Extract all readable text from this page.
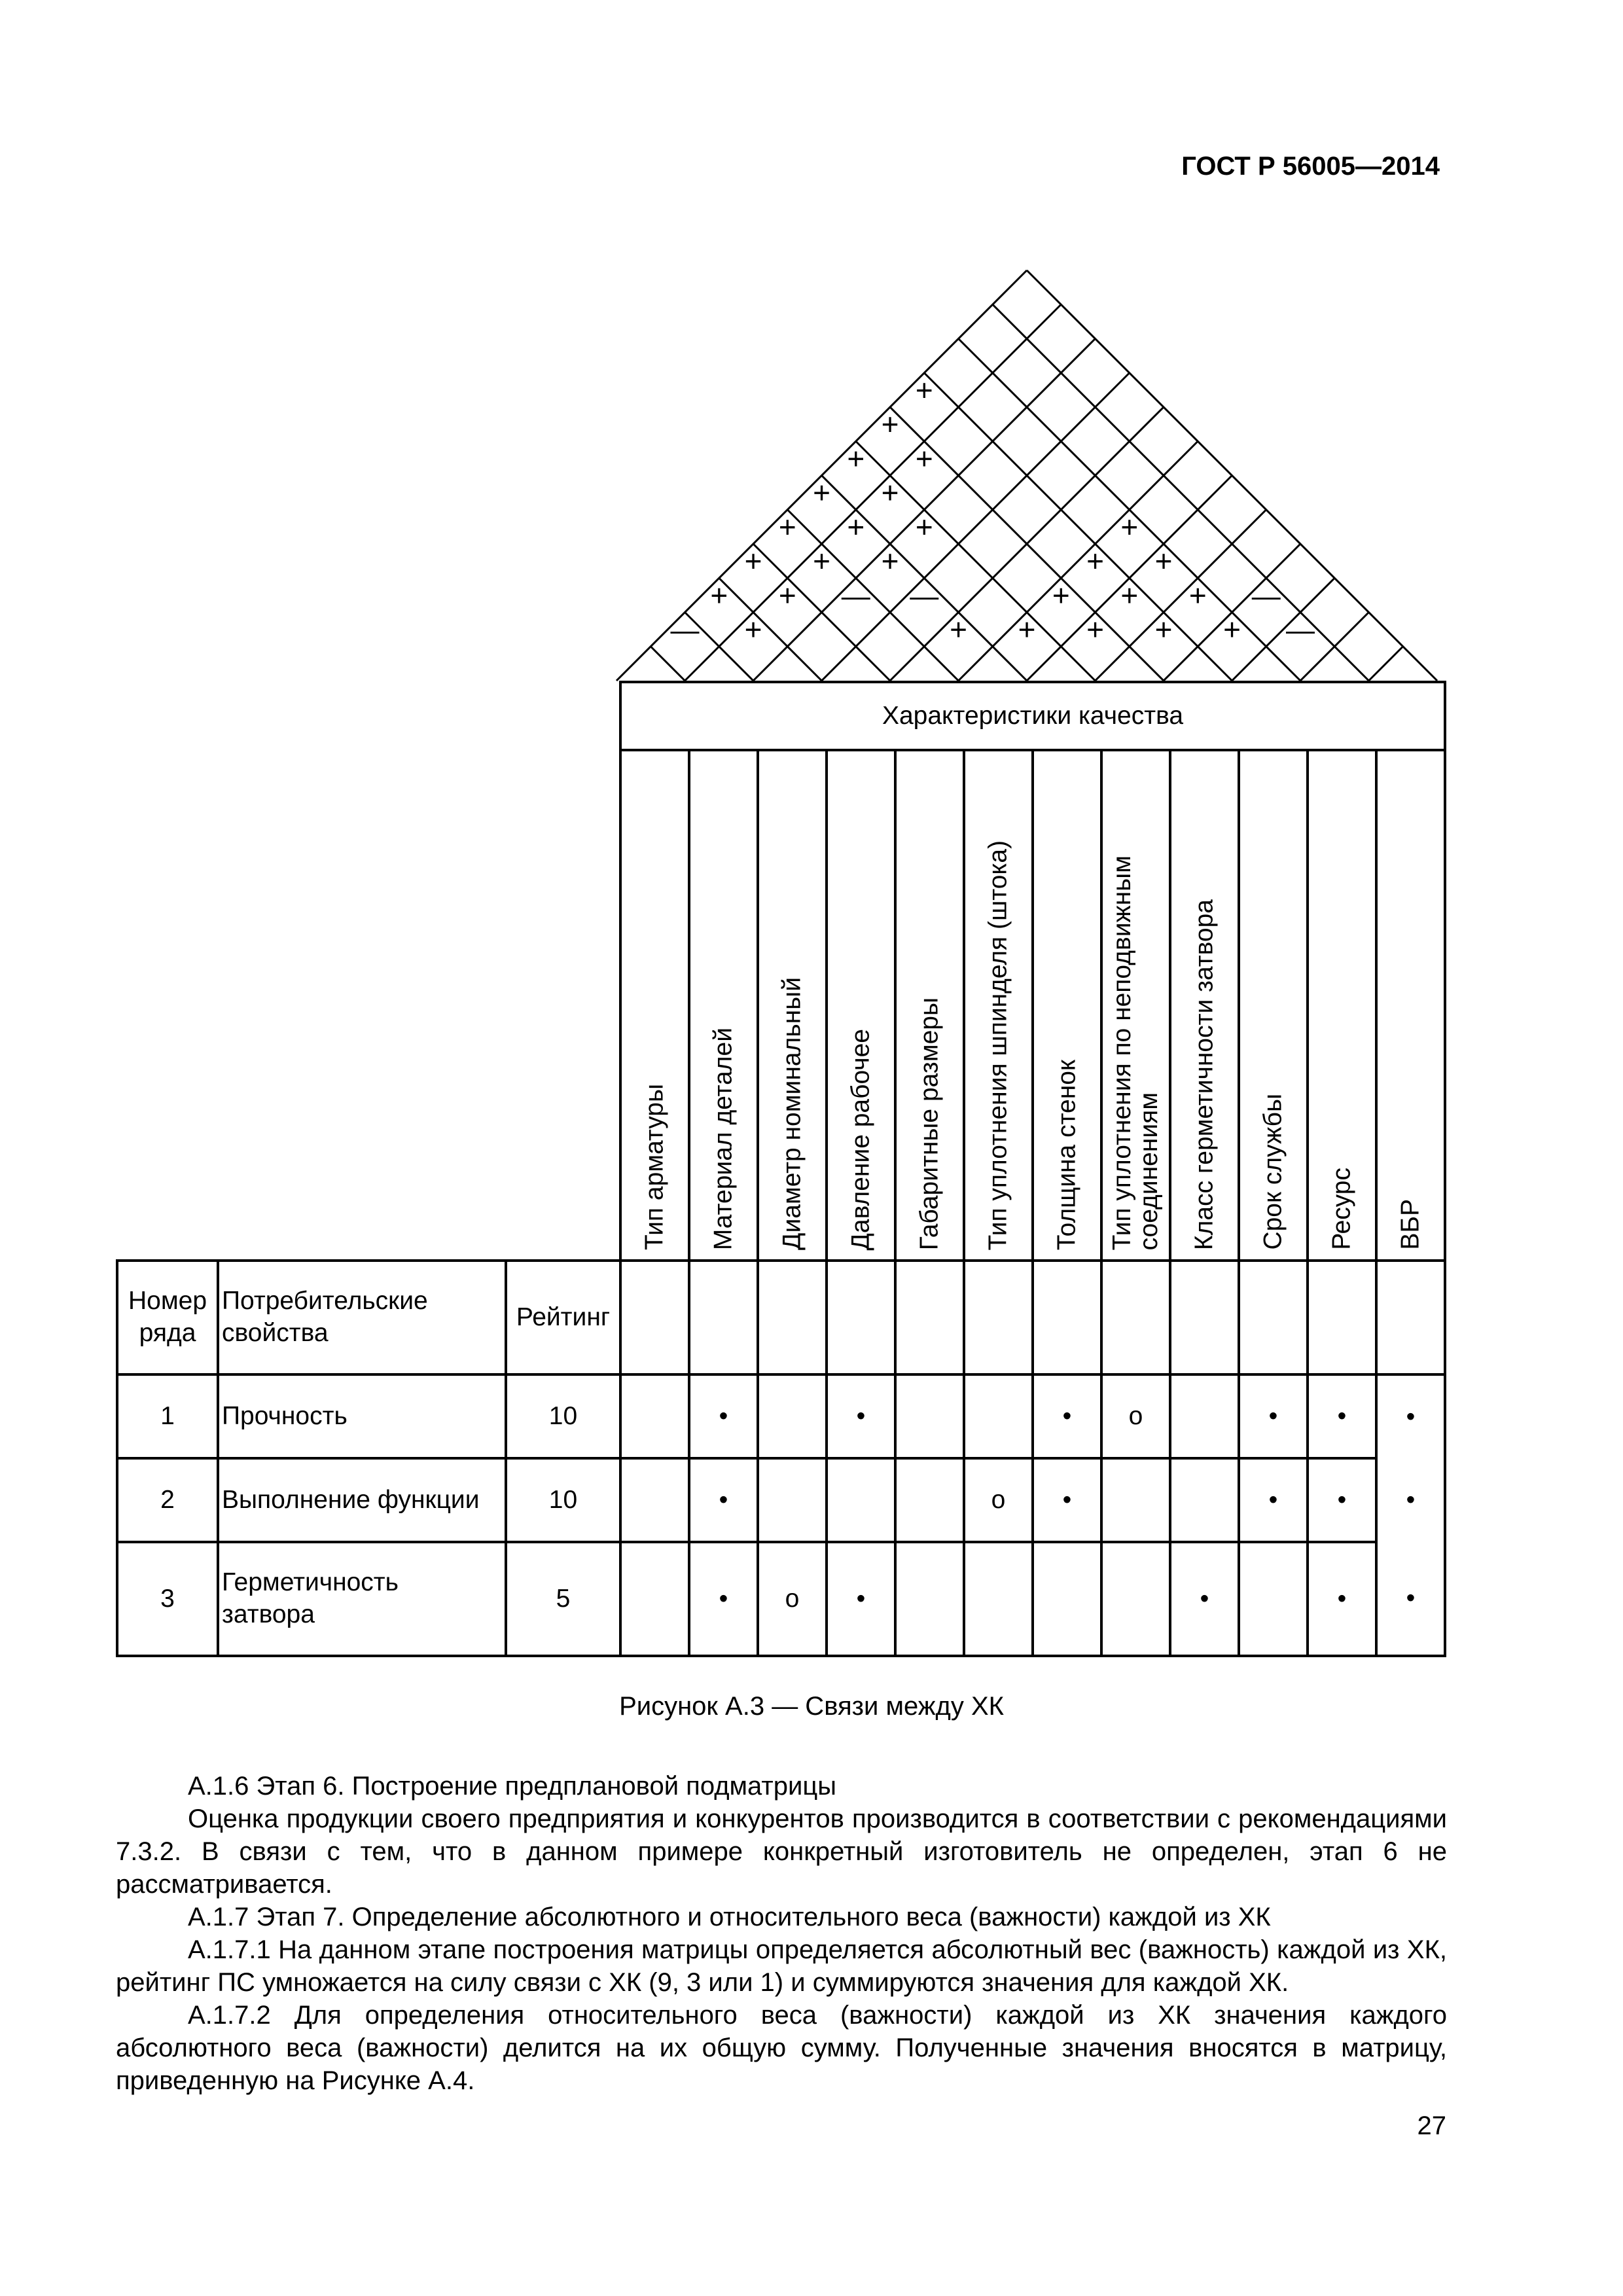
ГОСТ Р 56005—2014
—
+
+
+
+
+
+
+
+
+
+
+
+
+
—
+
+
—
+ +
+
+
+
+
+
+
+
+
+
—
—
			Характеристики качества											

			Тип арматуры	Материал деталей	Диаметр номинальный	Давление рабочее	Габаритные размеры	Тип уплотнения шпинделя (штока)	Толщина стенок	Тип уплотнения по неподвижным
соединениям	Класс герметичности затвора	Срок службы	Ресурс	ВБР

Номер
ряда	Потребительские
свойства	Рейтинг												
1	Прочность	10		•		•			•	о		•	•	•
2	Выполнение функции	10		•				о	•			•	•	•
3	Герметичность
затвора	5		•	о	•					•		•	•
Рисунок А.3 — Связи между ХК

А.1.6 Этап 6. Построение предплановой подматрицы

Оценка продукции своего предприятия и конкурентов производится в соответствии с рекомендациями 7.3.2. В связи с тем, что в данном примере конкретный изготовитель не определен, этап 6 не рассматривается.

А.1.7 Этап 7. Определение абсолютного и относительного веса (важности) каждой из ХК

А.1.7.1 На данном этапе построения матрицы определяется абсолютный вес (важность) каждой из ХК, рейтинг ПС умножается на силу связи с ХК (9, 3 или 1) и суммируются значения для каждой ХК.

А.1.7.2 Для определения относительного веса (важности) каждой из ХК значения каждого абсолютного веса (важности) делится на их общую сумму. Полученные значения вносятся в матрицу, приведенную на Рисунке А.4.

27
